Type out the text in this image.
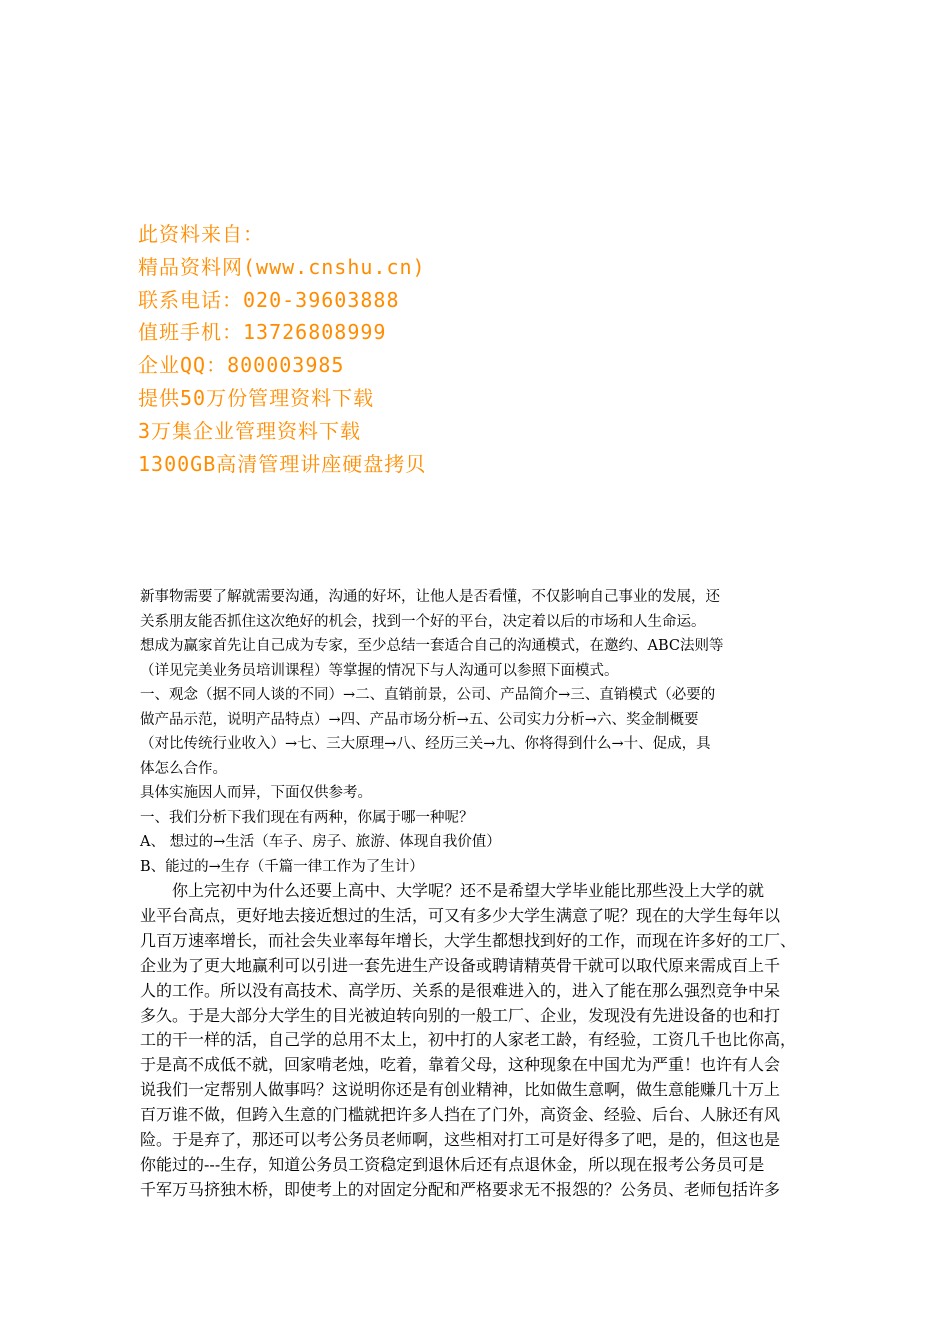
此资料来自：
精品资料网(www.cnshu.cn)
联系电话：020-39603888
值班手机：13726808999
企业QQ：800003985
提供50万份管理资料下载
3万集企业管理资料下载
1300GB高清管理讲座硬盘拷贝
新事物需要了解就需要沟通，沟通的好坏，让他人是否看懂，不仅影响自己事业的发展，还
关系朋友能否抓住这次绝好的机会，找到一个好的平台，决定着以后的市场和人生命运。
想成为赢家首先让自己成为专家，至少总结一套适合自己的沟通模式，在邀约、ABC法则等
（详见完美业务员培训课程）等掌握的情况下与人沟通可以参照下面模式。
一、观念（据不同人谈的不同）→二、直销前景，公司、产品简介→三、直销模式（必要的
做产品示范，说明产品特点）→四、产品市场分析→五、公司实力分析→六、奖金制概要
（对比传统行业收入）→七、三大原理→八、经历三关→九、你将得到什么→十、促成，具
体怎么合作。
具体实施因人而异，下面仅供参考。
一、我们分析下我们现在有两种，你属于哪一种呢？
A、 想过的→生活（车子、房子、旅游、体现自我价值）
B、能过的→生存（千篇一律工作为了生计）
　　你上完初中为什么还要上高中、大学呢？还不是希望大学毕业能比那些没上大学的就
业平台高点，更好地去接近想过的生活，可又有多少大学生满意了呢？现在的大学生每年以
几百万速率增长，而社会失业率每年增长，大学生都想找到好的工作，而现在许多好的工厂、
企业为了更大地赢利可以引进一套先进生产设备或聘请精英骨干就可以取代原来需成百上千
人的工作。所以没有高技术、高学历、关系的是很难进入的，进入了能在那么强烈竞争中呆
多久。于是大部分大学生的目光被迫转向别的一般工厂、企业，发现没有先进设备的也和打
工的干一样的活，自己学的总用不太上，初中打的人家老工龄，有经验，工资几千也比你高，
于是高不成低不就，回家啃老烛，吃着，靠着父母，这种现象在中国尤为严重！也许有人会
说我们一定帮别人做事吗？这说明你还是有创业精神，比如做生意啊，做生意能赚几十万上
百万谁不做，但跨入生意的门槛就把许多人挡在了门外，高资金、经验、后台、人脉还有风
险。于是弃了，那还可以考公务员老师啊，这些相对打工可是好得多了吧，是的，但这也是
你能过的---生存，知道公务员工资稳定到退休后还有点退休金，所以现在报考公务员可是
千军万马挤独木桥，即使考上的对固定分配和严格要求无不报怨的？公务员、老师包括许多
